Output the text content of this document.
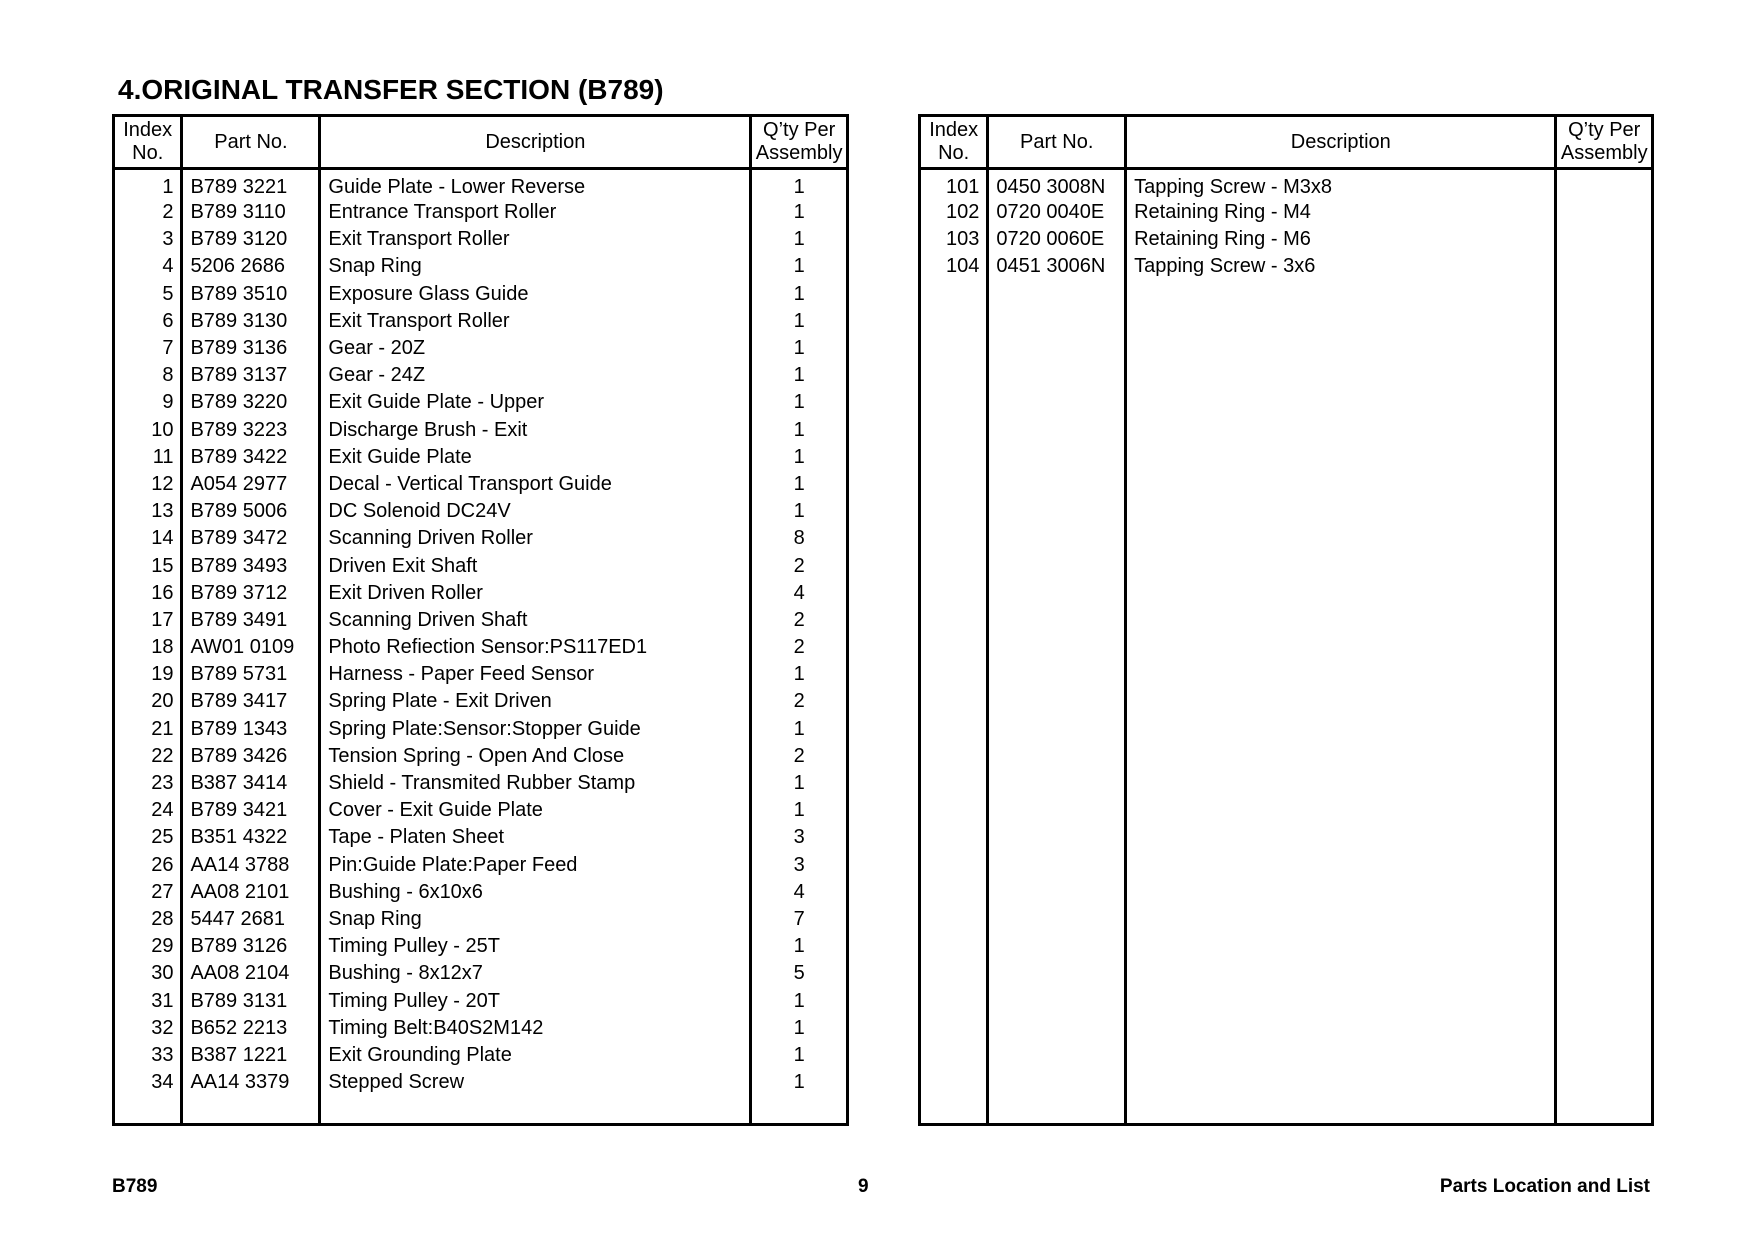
4.ORIGINAL TRANSFER SECTION (B789)
Index
No.	Part No.	Description	Q’ty Per
Assembly
1	B789 3221	Guide Plate - Lower Reverse	1
2	B789 3110	Entrance Transport Roller	1
3	B789 3120	Exit Transport Roller	1
4	5206 2686	Snap Ring	1
5	B789 3510	Exposure Glass Guide	1
6	B789 3130	Exit Transport Roller	1
7	B789 3136	Gear - 20Z	1
8	B789 3137	Gear - 24Z	1
9	B789 3220	Exit Guide Plate - Upper	1
10	B789 3223	Discharge Brush - Exit	1
11	B789 3422	Exit Guide Plate	1
12	A054 2977	Decal - Vertical Transport Guide	1
13	B789 5006	DC Solenoid DC24V	1
14	B789 3472	Scanning Driven Roller	8
15	B789 3493	Driven Exit Shaft	2
16	B789 3712	Exit Driven Roller	4
17	B789 3491	Scanning Driven Shaft	2
18	AW01 0109	Photo Refiection Sensor:PS117ED1	2
19	B789 5731	Harness - Paper Feed Sensor	1
20	B789 3417	Spring Plate - Exit Driven	2
21	B789 1343	Spring Plate:Sensor:Stopper Guide	1
22	B789 3426	Tension Spring - Open And Close	2
23	B387 3414	Shield - Transmited Rubber Stamp	1
24	B789 3421	Cover - Exit Guide Plate	1
25	B351 4322	Tape - Platen Sheet	3
26	AA14 3788	Pin:Guide Plate:Paper Feed	3
27	AA08 2101	Bushing - 6x10x6	4
28	5447 2681	Snap Ring	7
29	B789 3126	Timing Pulley - 25T	1
30	AA08 2104	Bushing - 8x12x7	5
31	B789 3131	Timing Pulley - 20T	1
32	B652 2213	Timing Belt:B40S2M142	1
33	B387 1221	Exit Grounding Plate	1
34	AA14 3379	Stepped Screw	1

Index
No.	Part No.	Description	Q’ty Per
Assembly
101	0450 3008N	Tapping Screw - M3x8	
102	0720 0040E	Retaining Ring - M4	
103	0720 0060E	Retaining Ring - M6	
104	0451 3006N	Tapping Screw - 3x6	

B789	9	Parts Location and List
